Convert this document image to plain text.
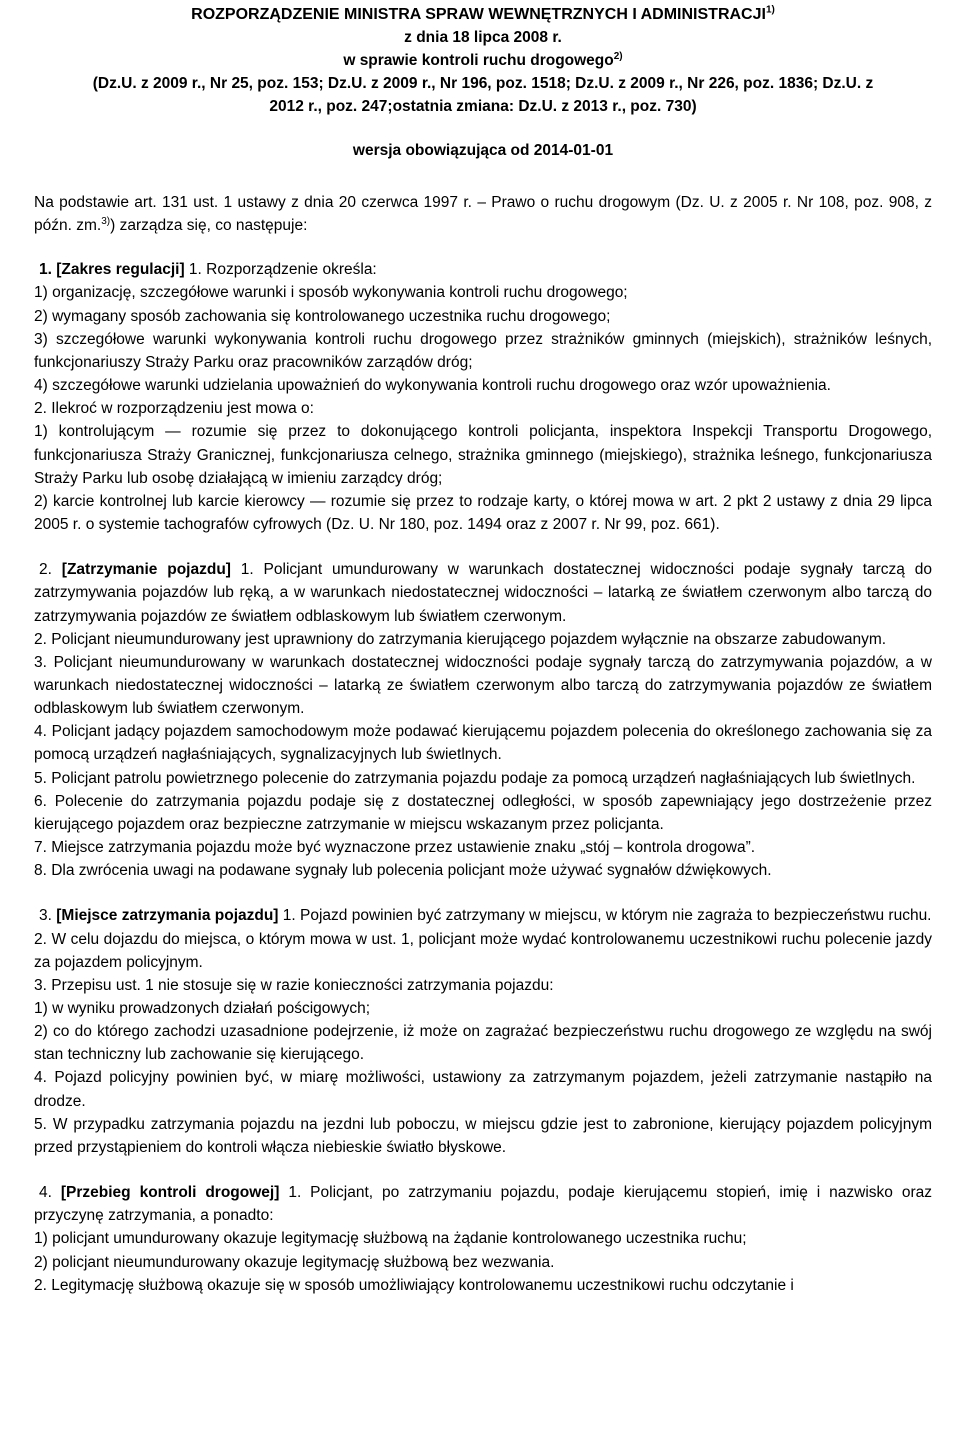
ROZPORZĄDZENIE MINISTRA SPRAW WEWNĘTRZNYCH I ADMINISTRACJI$^{1)}$
z dnia 18 lipca 2008 r.
w sprawie kontroli ruchu drogowego$^{2)}$
(Dz.U. z 2009 r., Nr 25, poz. 153; Dz.U. z 2009 r., Nr 196, poz. 1518; Dz.U. z 2009 r., Nr 226, poz. 1836; Dz.U. z
2012 r., poz. 247;ostatnia zmiana: Dz.U. z 2013 r., poz. 730)
wersja obowiązująca od 2014-01-01

Na podstawie art. 131 ust. 1 ustawy z dnia 20 czerwca 1997 r. – Prawo o ruchu drogowym (Dz. U. z 2005 r. Nr 108, poz. 908, z późn. zm.$^{3)}$) zarządza się, co następuje:

1. [Zakres regulacji] 1. Rozporządzenie określa:

1) organizację, szczegółowe warunki i sposób wykonywania kontroli ruchu drogowego;

2) wymagany sposób zachowania się kontrolowanego uczestnika ruchu drogowego;

3) szczegółowe warunki wykonywania kontroli ruchu drogowego przez strażników gminnych (miejskich), strażników leśnych, funkcjonariuszy Straży Parku oraz pracowników zarządów dróg;

4) szczegółowe warunki udzielania upoważnień do wykonywania kontroli ruchu drogowego oraz wzór upoważnienia.

2. Ilekroć w rozporządzeniu jest mowa o:

1) kontrolującym — rozumie się przez to dokonującego kontroli policjanta, inspektora Inspekcji Transportu Drogowego, funkcjonariusza Straży Granicznej, funkcjonariusza celnego, strażnika gminnego (miejskiego), strażnika leśnego, funkcjonariusza Straży Parku lub osobę działającą w imieniu zarządcy dróg;

2) karcie kontrolnej lub karcie kierowcy — rozumie się przez to rodzaje karty, o której mowa w art. 2 pkt 2 ustawy z dnia 29 lipca 2005 r. o systemie tachografów cyfrowych (Dz. U. Nr 180, poz. 1494 oraz z 2007 r. Nr 99, poz. 661).

2. [Zatrzymanie pojazdu] 1. Policjant umundurowany w warunkach dostatecznej widoczności podaje sygnały tarczą do zatrzymywania pojazdów lub ręką, a w warunkach niedostatecznej widoczności – latarką ze światłem czerwonym albo tarczą do zatrzymywania pojazdów ze światłem odblaskowym lub światłem czerwonym.

2. Policjant nieumundurowany jest uprawniony do zatrzymania kierującego pojazdem wyłącznie na obszarze zabudowanym.

3. Policjant nieumundurowany w warunkach dostatecznej widoczności podaje sygnały tarczą do zatrzymywania pojazdów, a w warunkach niedostatecznej widoczności – latarką ze światłem czerwonym albo tarczą do zatrzymywania pojazdów ze światłem odblaskowym lub światłem czerwonym.

4. Policjant jadący pojazdem samochodowym może podawać kierującemu pojazdem polecenia do określonego zachowania się za pomocą urządzeń nagłaśniających, sygnalizacyjnych lub świetlnych.

5. Policjant patrolu powietrznego polecenie do zatrzymania pojazdu podaje za pomocą urządzeń nagłaśniających lub świetlnych.

6. Polecenie do zatrzymania pojazdu podaje się z dostatecznej odległości, w sposób zapewniający jego dostrzeżenie przez kierującego pojazdem oraz bezpieczne zatrzymanie w miejscu wskazanym przez policjanta.

7. Miejsce zatrzymania pojazdu może być wyznaczone przez ustawienie znaku „stój – kontrola drogowa”.

8. Dla zwrócenia uwagi na podawane sygnały lub polecenia policjant może używać sygnałów dźwiękowych.

3. [Miejsce zatrzymania pojazdu] 1. Pojazd powinien być zatrzymany w miejscu, w którym nie zagraża to bezpieczeństwu ruchu.

2. W celu dojazdu do miejsca, o którym mowa w ust. 1, policjant może wydać kontrolowanemu uczestnikowi ruchu polecenie jazdy za pojazdem policyjnym.

3. Przepisu ust. 1 nie stosuje się w razie konieczności zatrzymania pojazdu:

1) w wyniku prowadzonych działań pościgowych;

2) co do którego zachodzi uzasadnione podejrzenie, iż może on zagrażać bezpieczeństwu ruchu drogowego ze względu na swój stan techniczny lub zachowanie się kierującego.

4. Pojazd policyjny powinien być, w miarę możliwości, ustawiony za zatrzymanym pojazdem, jeżeli zatrzymanie nastąpiło na drodze.

5. W przypadku zatrzymania pojazdu na jezdni lub poboczu, w miejscu gdzie jest to zabronione, kierujący pojazdem policyjnym przed przystąpieniem do kontroli włącza niebieskie światło błyskowe.

4. [Przebieg kontroli drogowej] 1. Policjant, po zatrzymaniu pojazdu, podaje kierującemu stopień, imię i nazwisko oraz przyczynę zatrzymania, a ponadto:

1) policjant umundurowany okazuje legitymację służbową na żądanie kontrolowanego uczestnika ruchu;

2) policjant nieumundurowany okazuje legitymację służbową bez wezwania.

2. Legitymację służbową okazuje się w sposób umożliwiający kontrolowanemu uczestnikowi ruchu odczytanie i
